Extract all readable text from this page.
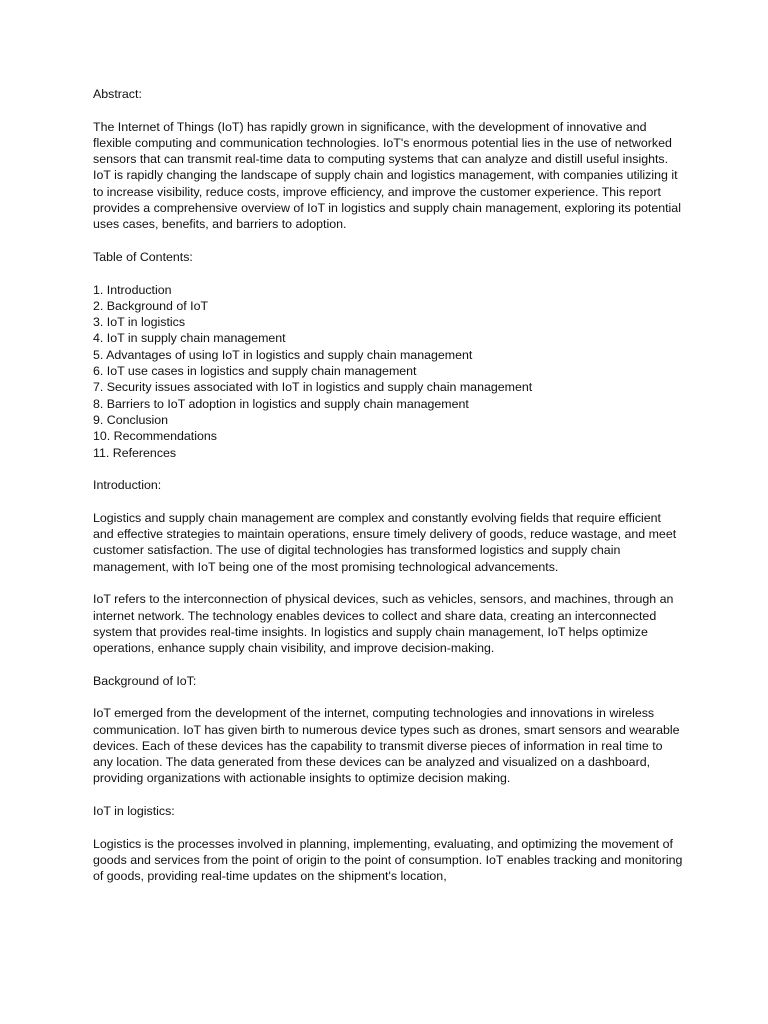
Abstract:

The Internet of Things (IoT) has rapidly grown in significance, with the development of innovative and flexible computing and communication technologies. IoT's enormous potential lies in the use of networked sensors that can transmit real-time data to computing systems that can analyze and distill useful insights. IoT is rapidly changing the landscape of supply chain and logistics management, with companies utilizing it to increase visibility, reduce costs, improve efficiency, and improve the customer experience. This report provides a comprehensive overview of IoT in logistics and supply chain management, exploring its potential uses cases, benefits, and barriers to adoption.

Table of Contents:

1. Introduction
2. Background of IoT
3. IoT in logistics
4. IoT in supply chain management
5. Advantages of using IoT in logistics and supply chain management
6. IoT use cases in logistics and supply chain management
7. Security issues associated with IoT in logistics and supply chain management
8. Barriers to IoT adoption in logistics and supply chain management
9. Conclusion
10. Recommendations
11. References

Introduction:

Logistics and supply chain management are complex and constantly evolving fields that require efficient and effective strategies to maintain operations, ensure timely delivery of goods, reduce wastage, and meet customer satisfaction. The use of digital technologies has transformed logistics and supply chain management, with IoT being one of the most promising technological advancements.

IoT refers to the interconnection of physical devices, such as vehicles, sensors, and machines, through an internet network. The technology enables devices to collect and share data, creating an interconnected system that provides real-time insights. In logistics and supply chain management, IoT helps optimize operations, enhance supply chain visibility, and improve decision-making.

Background of IoT:

IoT emerged from the development of the internet, computing technologies and innovations in wireless communication. IoT has given birth to numerous device types such as drones, smart sensors and wearable devices. Each of these devices has the capability to transmit diverse pieces of information in real time to any location. The data generated from these devices can be analyzed and visualized on a dashboard, providing organizations with actionable insights to optimize decision making.

IoT in logistics:

Logistics is the processes involved in planning, implementing, evaluating, and optimizing the movement of goods and services from the point of origin to the point of consumption. IoT enables tracking and monitoring of goods, providing real-time updates on the shipment's location,
